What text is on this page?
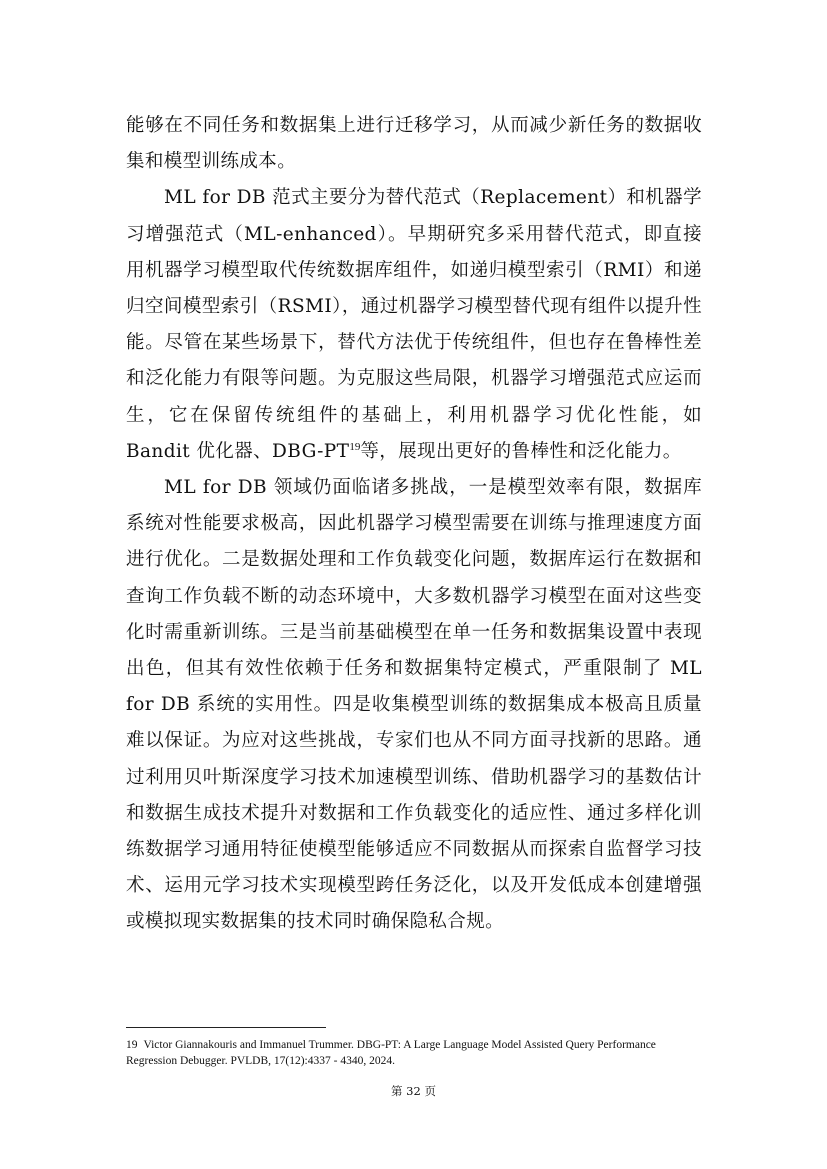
能够在不同任务和数据集上进行迁移学习，从而减少新任务的数据收集和模型训练成本。

ML for DB 范式主要分为替代范式（Replacement）和机器学习增强范式（ML-enhanced）。早期研究多采用替代范式，即直接用机器学习模型取代传统数据库组件，如递归模型索引（RMI）和递归空间模型索引（RSMI），通过机器学习模型替代现有组件以提升性能。尽管在某些场景下，替代方法优于传统组件，但也存在鲁棒性差和泛化能力有限等问题。为克服这些局限，机器学习增强范式应运而生，它在保留传统组件的基础上，利用机器学习优化性能，如 Bandit 优化器、DBG-PT$^{19}$等，展现出更好的鲁棒性和泛化能力。

ML for DB 领域仍面临诸多挑战，一是模型效率有限，数据库系统对性能要求极高，因此机器学习模型需要在训练与推理速度方面进行优化。二是数据处理和工作负载变化问题，数据库运行在数据和查询工作负载不断的动态环境中，大多数机器学习模型在面对这些变化时需重新训练。三是当前基础模型在单一任务和数据集设置中表现出色，但其有效性依赖于任务和数据集特定模式，严重限制了 ML for DB 系统的实用性。四是收集模型训练的数据集成本极高且质量难以保证。为应对这些挑战，专家们也从不同方面寻找新的思路。通过利用贝叶斯深度学习技术加速模型训练、借助机器学习的基数估计和数据生成技术提升对数据和工作负载变化的适应性、通过多样化训练数据学习通用特征使模型能够适应不同数据从而探索自监督学习技术、运用元学习技术实现模型跨任务泛化，以及开发低成本创建增强或模拟现实数据集的技术同时确保隐私合规。

19 Victor Giannakouris and Immanuel Trummer. DBG-PT: A Large Language Model Assisted Query Performance Regression Debugger. PVLDB, 17(12):4337 - 4340, 2024.
第 32 页
